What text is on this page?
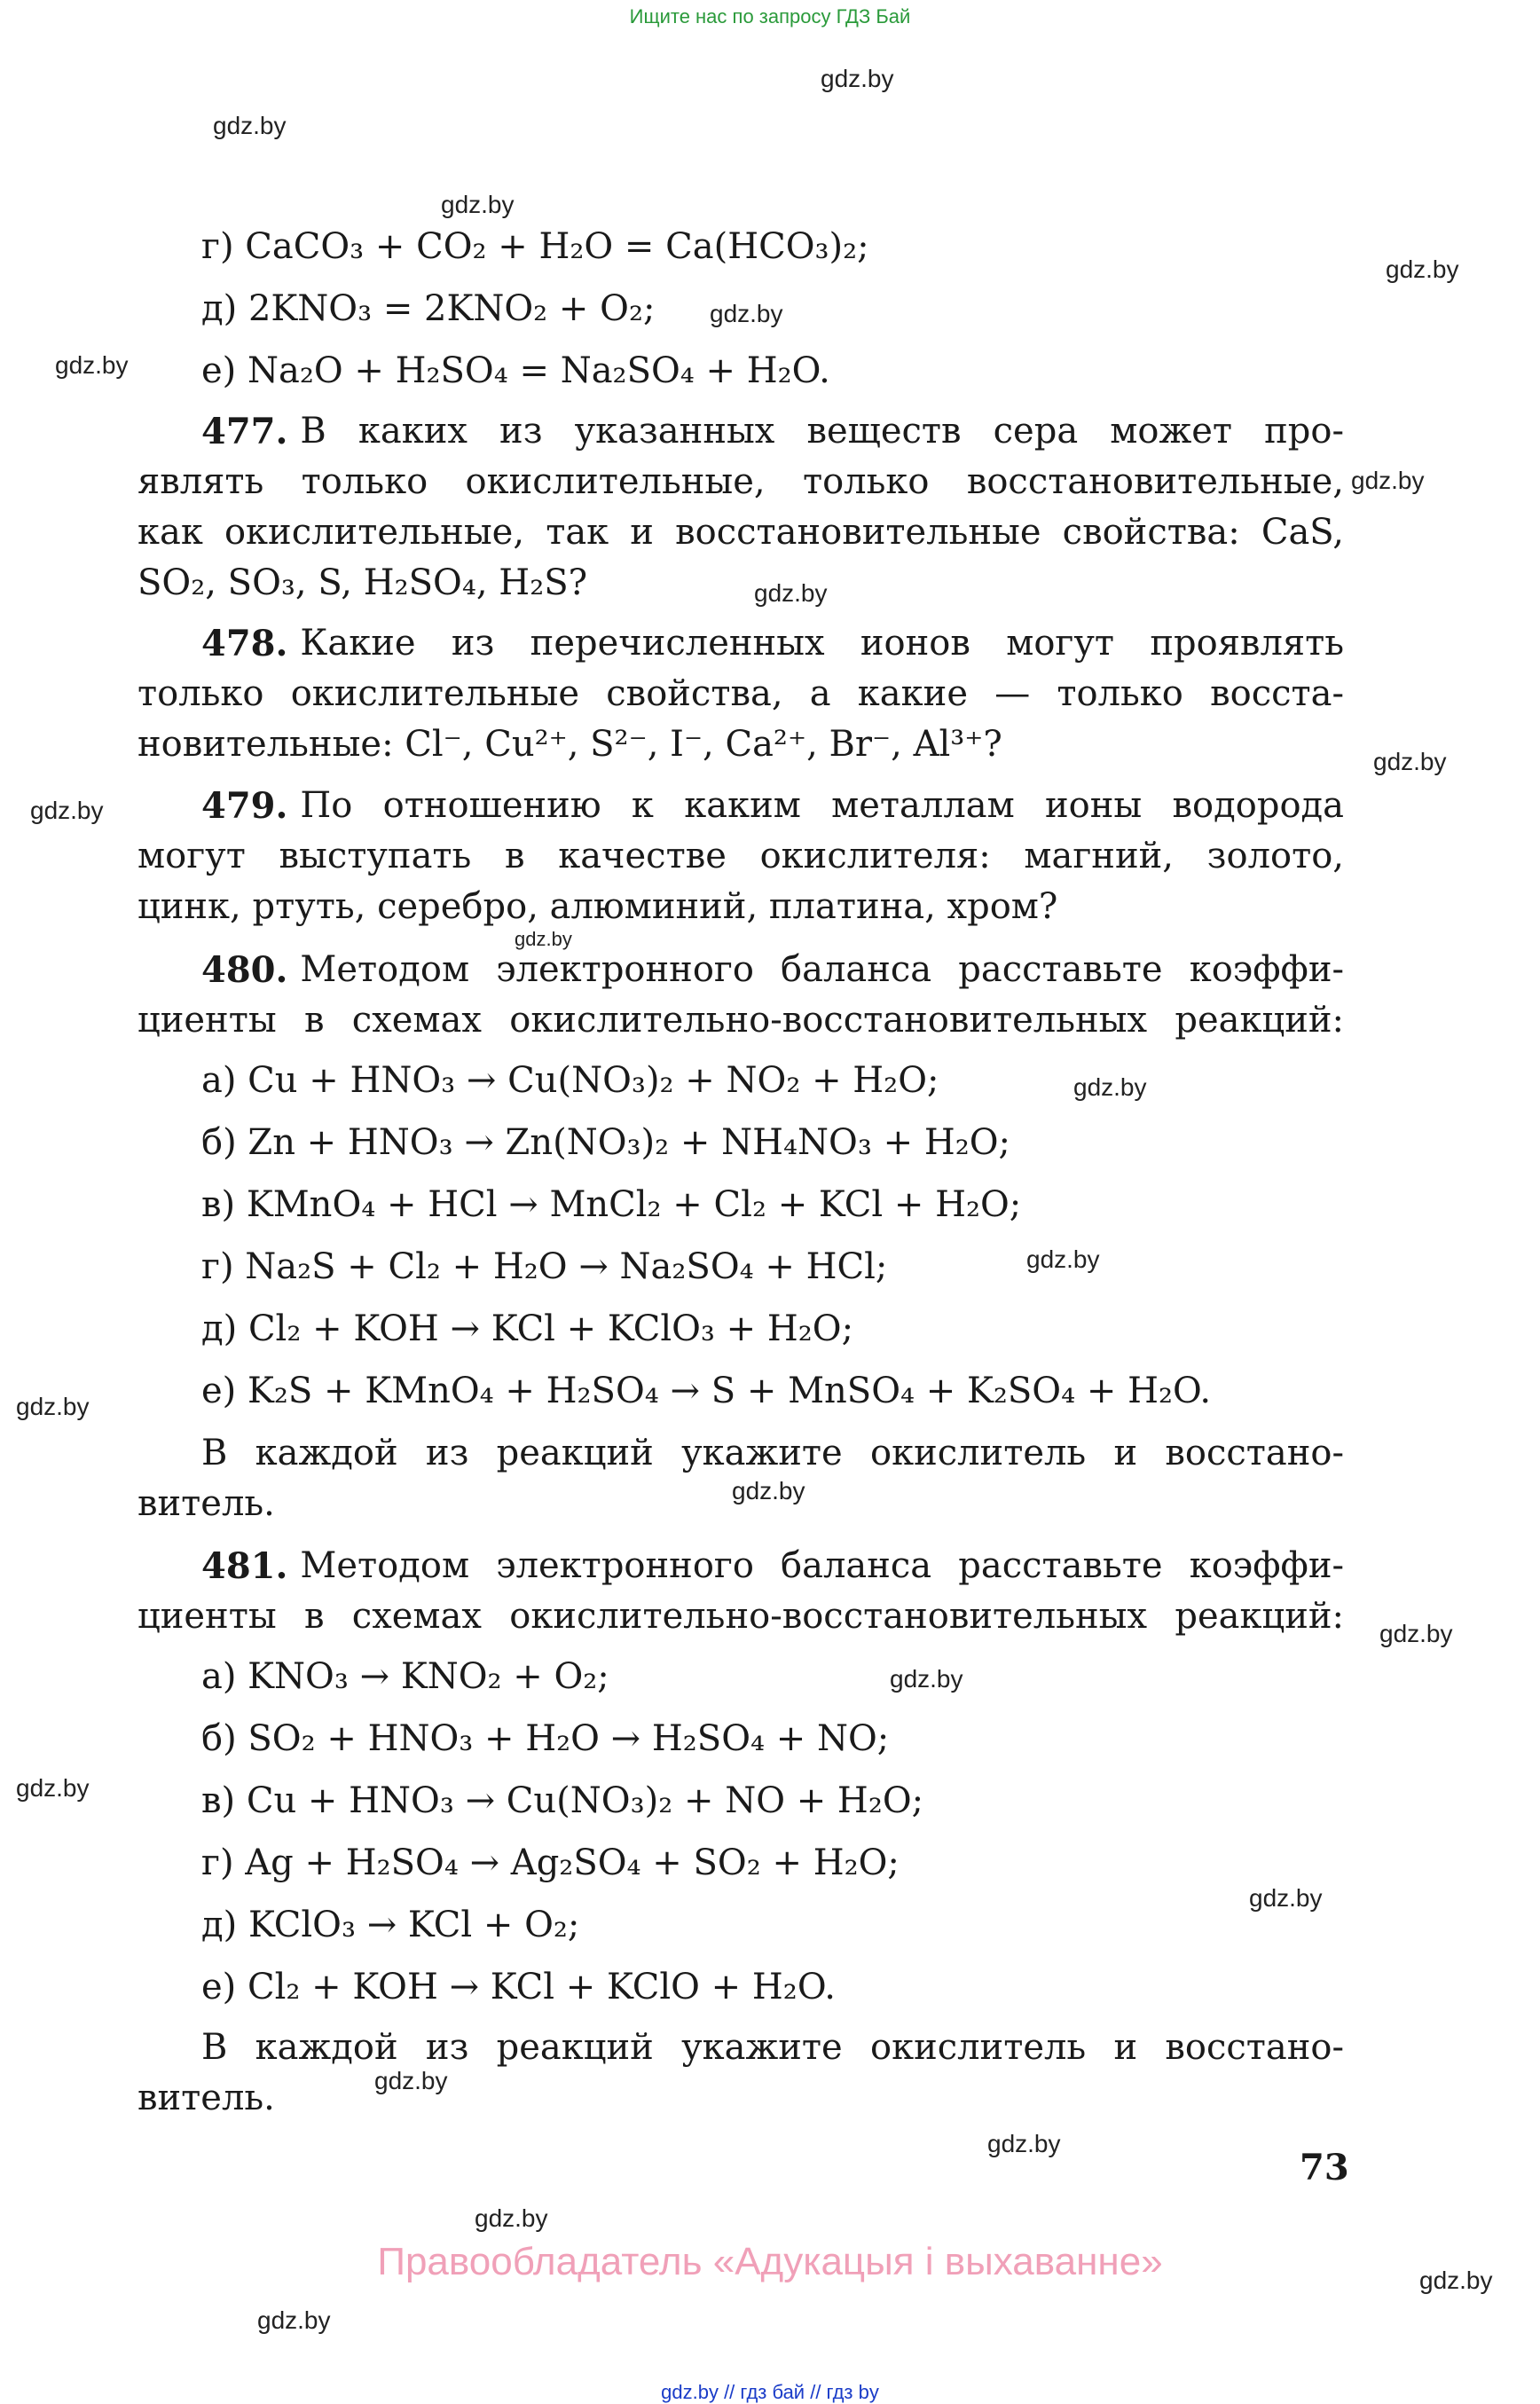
Ищите нас по запросу ГДЗ Бай
gdz.by
gdz.by
gdz.by
gdz.by
gdz.by
gdz.by
gdz.by
gdz.by
gdz.by
gdz.by
gdz.by
gdz.by
gdz.by
gdz.by
gdz.by
gdz.by
gdz.by
gdz.by
gdz.by
gdz.by
gdz.by
gdz.by
gdz.by
gdz.by
г) CaCO₃ + CO₂ + H₂O = Ca(HCO₃)₂;
д) 2KNO₃ = 2KNO₂ + O₂;
е) Na₂O + H₂SO₄ = Na₂SO₄ + H₂O.
477. В каких из указанных веществ сера может про-
являть только окислительные, только восстановительные,
как окислительные, так и восстановительные свойства: CaS,
SO₂, SO₃, S, H₂SO₄, H₂S?
478. Какие из перечисленных ионов могут проявлять
только окислительные свойства, а какие — только восста-
новительные: Cl⁻, Cu²⁺, S²⁻, I⁻, Ca²⁺, Br⁻, Al³⁺?
479. По отношению к каким металлам ионы водорода
могут выступать в качестве окислителя: магний, золото,
цинк, ртуть, серебро, алюминий, платина, хром?
480. Методом электронного баланса расставьте коэффи-
циенты в схемах окислительно-восстановительных реакций:
а) Cu + HNO₃ → Cu(NO₃)₂ + NO₂ + H₂O;
б) Zn + HNO₃ → Zn(NO₃)₂ + NH₄NO₃ + H₂O;
в) KMnO₄ + HCl → MnCl₂ + Cl₂ + KCl + H₂O;
г) Na₂S + Cl₂ + H₂O → Na₂SO₄ + HCl;
д) Cl₂ + KOH → KCl + KClO₃ + H₂O;
е) K₂S + KMnO₄ + H₂SO₄ → S + MnSO₄ + K₂SO₄ + H₂O.
В каждой из реакций укажите окислитель и восстано-
витель.
481. Методом электронного баланса расставьте коэффи-
циенты в схемах окислительно-восстановительных реакций:
а) KNO₃ → KNO₂ + O₂;
б) SO₂ + HNO₃ + H₂O → H₂SO₄ + NO;
в) Cu + HNO₃ → Cu(NO₃)₂ + NO + H₂O;
г) Ag + H₂SO₄ → Ag₂SO₄ + SO₂ + H₂O;
д) KClO₃ → KCl + O₂;
е) Cl₂ + KOH → KCl + KClO + H₂O.
В каждой из реакций укажите окислитель и восстано-
витель.
73
Правообладатель «Адукацыя і выхаванне»
gdz.by // гдз бай // гдз by
